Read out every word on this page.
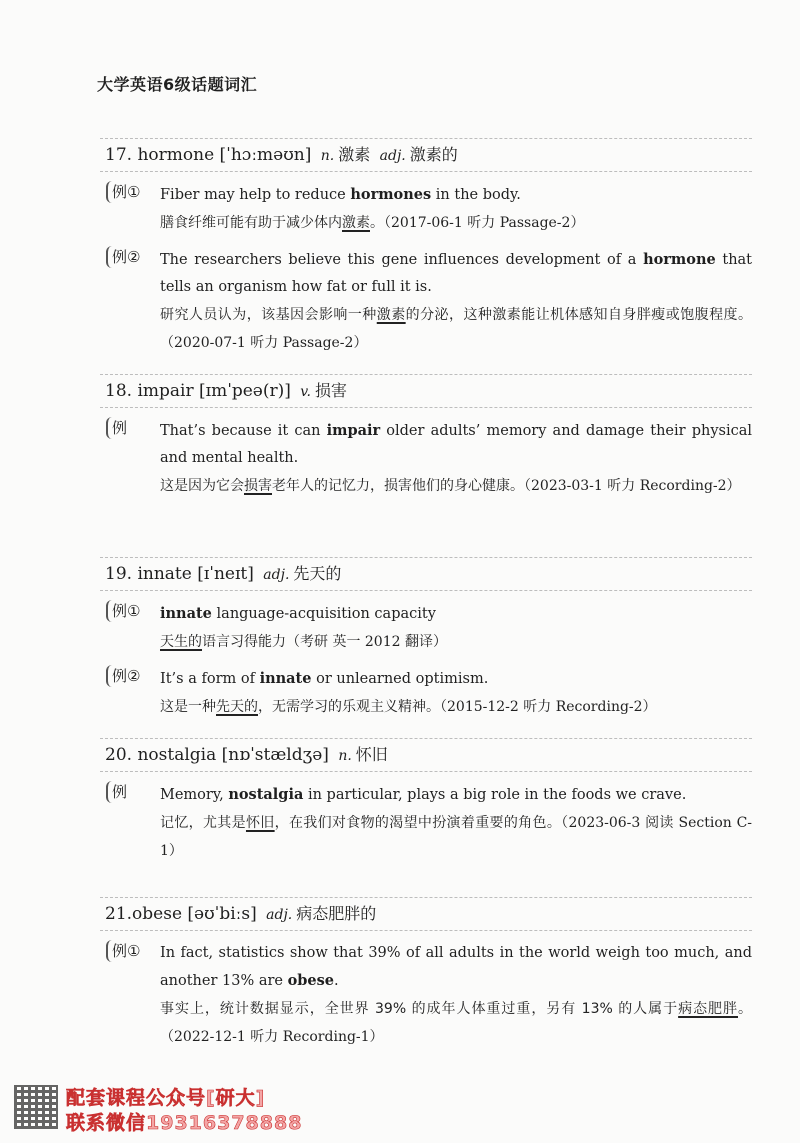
大学英语6级话题词汇
17. hormone [ˈhɔːməʊn] n. 激素 adj. 激素的
例① Fiber may help to reduce hormones in the body.
膳食纤维可能有助于减少体内激素。（2017-06-1 听力 Passage-2）
例② The researchers believe this gene influences development of a hormone that tells an organism how fat or full it is.
研究人员认为，该基因会影响一种激素的分泌，这种激素能让机体感知自身胖瘦或饱腹程度。（2020-07-1 听力 Passage-2）
18. impair [ɪmˈpeə(r)] v. 损害
例 That’s because it can impair older adults’ memory and damage their physical and mental health.
这是因为它会损害老年人的记忆力，损害他们的身心健康。（2023-03-1 听力 Recording-2）
19. innate [ɪˈneɪt] adj. 先天的
例① innate language-acquisition capacity
天生的语言习得能力（考研 英一 2012 翻译）
例② It’s a form of innate or unlearned optimism.
这是一种先天的，无需学习的乐观主义精神。（2015-12-2 听力 Recording-2）
20. nostalgia [nɒˈstældʒə] n. 怀旧
例 Memory, nostalgia in particular, plays a big role in the foods we crave.
记忆，尤其是怀旧，在我们对食物的渴望中扮演着重要的角色。（2023-06-3 阅读 Section C-1）
21.obese [əʊˈbiːs] adj. 病态肥胖的
例① In fact, statistics show that 39% of all adults in the world weigh too much, and another 13% are obese.
事实上，统计数据显示，全世界 39% 的成年人体重过重，另有 13% 的人属于病态肥胖。（2022-12-1 听力 Recording-1）
配套课程公众号[研大]
联系微信19316378888
